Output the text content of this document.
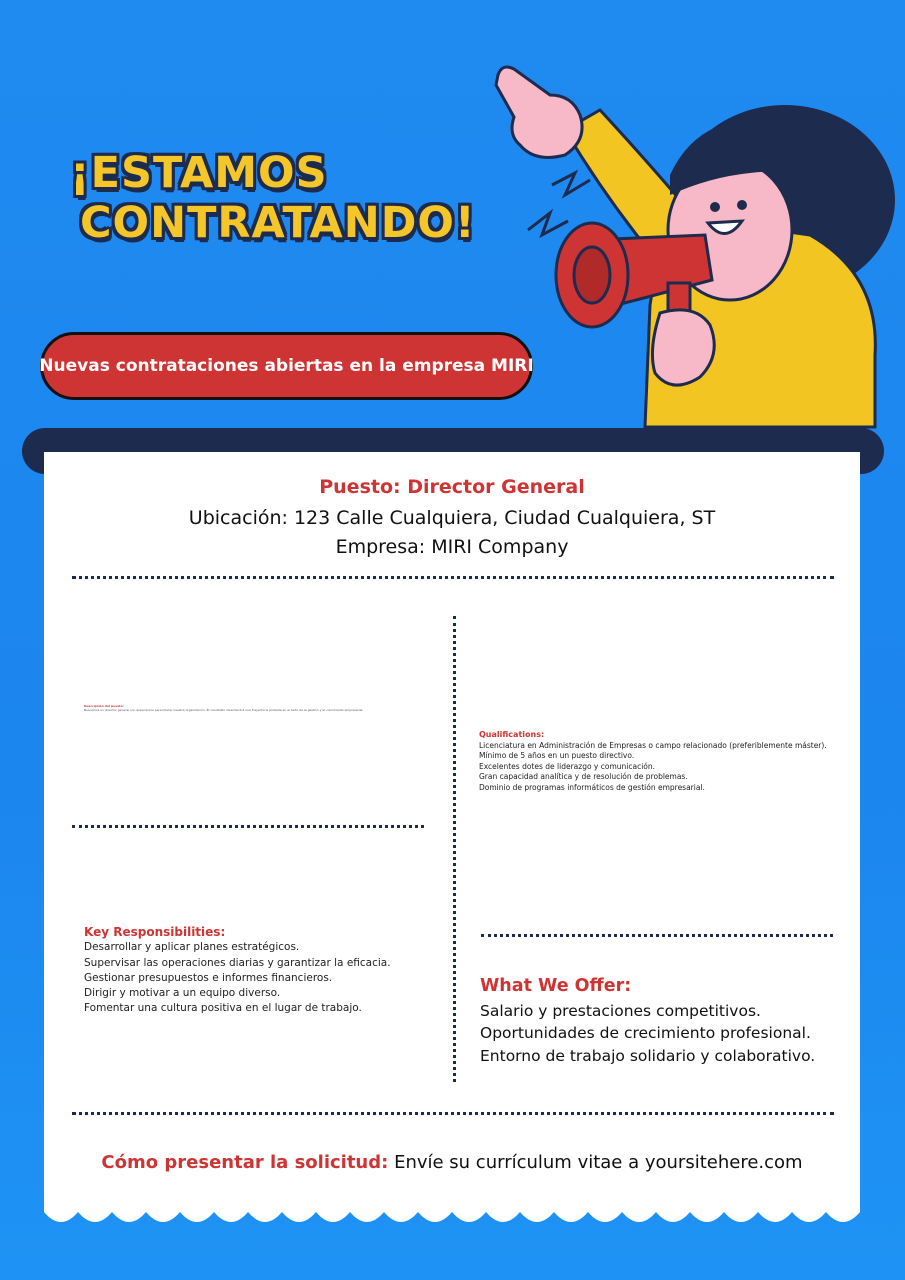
¡ESTAMOS
CONTRATANDO!
Nuevas contrataciones abiertas en la empresa MIRI
Puesto: Director General
Ubicación: 123 Calle Cualquiera, Ciudad Cualquiera, ST
Empresa: MIRI Company
Descripción del puesto:
Buscamos un director general con experiencia para liderar nuestra organización. El candidato ideal tendrá una trayectoria probada en el éxito de la gestión y el crecimiento empresarial.
Qualifications:
Licenciatura en Administración de Empresas o campo relacionado (preferiblemente máster).
Mínimo de 5 años en un puesto directivo.
Excelentes dotes de liderazgo y comunicación.
Gran capacidad analítica y de resolución de problemas.
Dominio de programas informáticos de gestión empresarial.
Key Responsibilities:
Desarrollar y aplicar planes estratégicos.
Supervisar las operaciones diarias y garantizar la eficacia.
Gestionar presupuestos e informes financieros.
Dirigir y motivar a un equipo diverso.
Fomentar una cultura positiva en el lugar de trabajo.
What We Offer:
Salario y prestaciones competitivos.
Oportunidades de crecimiento profesional.
Entorno de trabajo solidario y colaborativo.
Cómo presentar la solicitud: Envíe su currículum vitae a yoursitehere.com
